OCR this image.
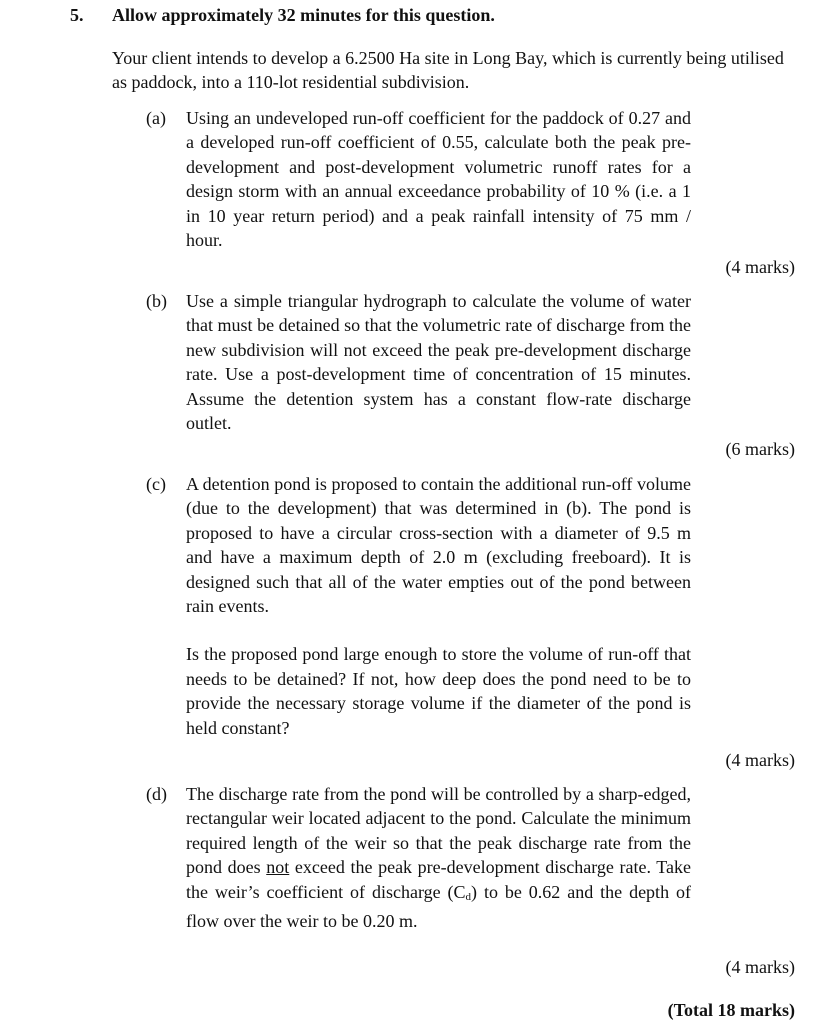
5. Allow approximately 32 minutes for this question.
Your client intends to develop a 6.2500 Ha site in Long Bay, which is currently being utilised as paddock, into a 110-lot residential subdivision.
(a) Using an undeveloped run-off coefficient for the paddock of 0.27 and a developed run-off coefficient of 0.55, calculate both the peak pre-development and post-development volumetric runoff rates for a design storm with an annual exceedance probability of 10 % (i.e. a 1 in 10 year return period) and a peak rainfall intensity of 75 mm / hour.

(4 marks)
(b) Use a simple triangular hydrograph to calculate the volume of water that must be detained so that the volumetric rate of discharge from the new subdivision will not exceed the peak pre-development discharge rate. Use a post-development time of concentration of 15 minutes. Assume the detention system has a constant flow-rate discharge outlet.

(6 marks)
(c) A detention pond is proposed to contain the additional run-off volume (due to the development) that was determined in (b). The pond is proposed to have a circular cross-section with a diameter of 9.5 m and have a maximum depth of 2.0 m (excluding freeboard). It is designed such that all of the water empties out of the pond between rain events.

Is the proposed pond large enough to store the volume of run-off that needs to be detained? If not, how deep does the pond need to be to provide the necessary storage volume if the diameter of the pond is held constant?

(4 marks)
(d) The discharge rate from the pond will be controlled by a sharp-edged, rectangular weir located adjacent to the pond. Calculate the minimum required length of the weir so that the peak discharge rate from the pond does not exceed the peak pre-development discharge rate. Take the weir’s coefficient of discharge (Cd) to be 0.62 and the depth of flow over the weir to be 0.20 m.

(4 marks)
(Total 18 marks)
